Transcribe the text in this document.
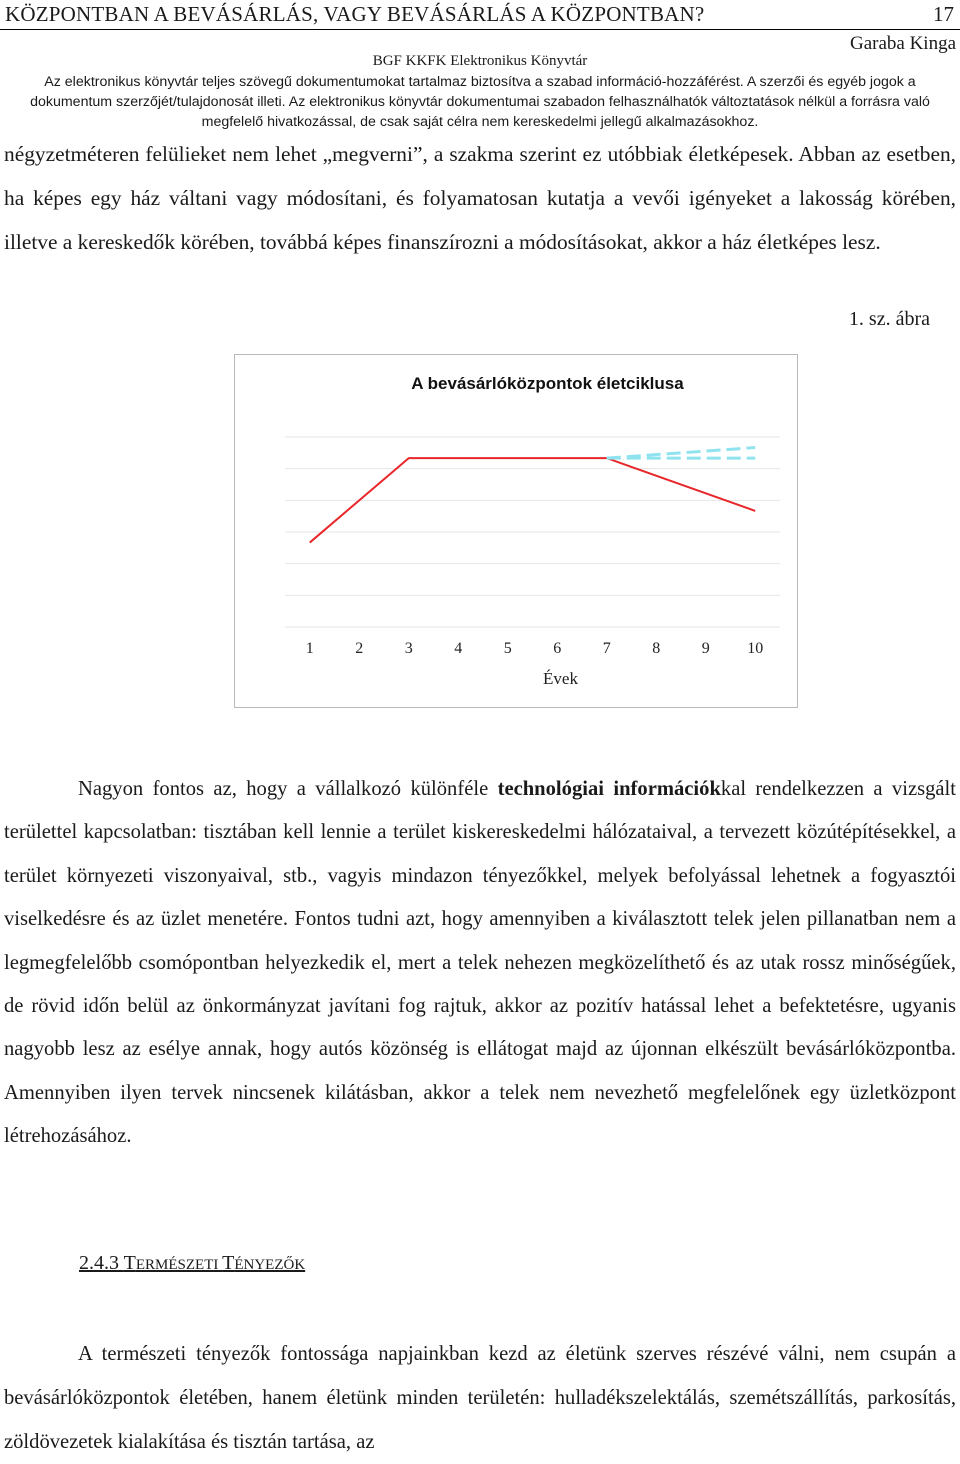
KÖZPONTBAN A BEVÁSÁRLÁS, VAGY BEVÁSÁRLÁS A KÖZPONTBAN?	17
Garaba Kinga
BGF KKFK Elektronikus Könyvtár
Az elektronikus könyvtár teljes szövegű dokumentumokat tartalmaz biztosítva a szabad információ-hozzáférést. A szerzői és egyéb jogok a dokumentum szerzőjét/tulajdonosát illeti. Az elektronikus könyvtár dokumentumai szabadon felhasználhatók változtatások nélkül a forrásra való megfelelő hivatkozással, de csak saját célra nem kereskedelmi jellegű alkalmazásokhoz.

négyzetméteren felülieket nem lehet „megverni”, a szakma szerint ez utóbbiak életképesek. Abban az esetben, ha képes egy ház váltani vagy módosítani, és folyamatosan kutatja a vevői igényeket a lakosság körében, illetve a kereskedők körében, továbbá képes finanszírozni a módosításokat, akkor a ház életképes lesz.

1. sz. ábra
A bevásárlóközpontok életciklusa
1	2	3	4	5	6	7	8	9 10
Évek

Nagyon fontos az, hogy a vállalkozó különféle technológiai információkkal rendelkezzen a vizsgált területtel kapcsolatban: tisztában kell lennie a terület kiskereskedelmi hálózataival, a tervezett közútépítésekkel, a terület környezeti viszonyaival, stb., vagyis mindazon tényezőkkel, melyek befolyással lehetnek a fogyasztói viselkedésre és az üzlet menetére. Fontos tudni azt, hogy amennyiben a kiválasztott telek jelen pillanatban nem a legmegfelelőbb csomópontban helyezkedik el, mert a telek nehezen megközelíthető és az utak rossz minőségűek, de rövid időn belül az önkormányzat javítani fog rajtuk, akkor az pozitív hatással lehet a befektetésre, ugyanis nagyobb lesz az esélye annak, hogy autós közönség is ellátogat majd az újonnan elkészült bevásárlóközpontba. Amennyiben ilyen tervek nincsenek kilátásban, akkor a telek nem nevezhető megfelelőnek egy üzletközpont létrehozásához.

2.4.3 TERMÉSZETI TÉNYEZŐK

A természeti tényezők fontossága napjainkban kezd az életünk szerves részévé válni, nem csupán a bevásárlóközpontok életében, hanem életünk minden területén: hulladékszelektálás, szemétszállítás, parkosítás, zöldövezetek kialakítása és tisztán tartása, az
